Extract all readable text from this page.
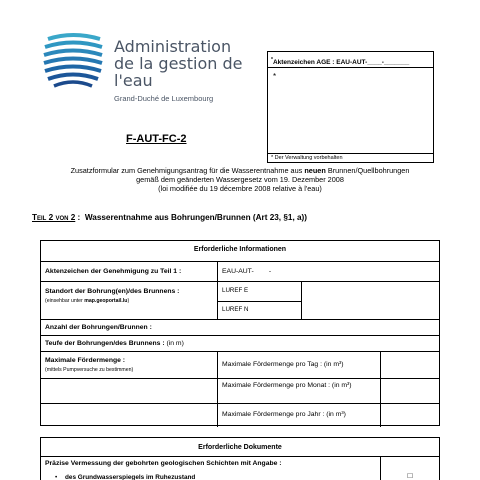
Administration
de la gestion de l'eau
Grand-Duché de Luxembourg
*Aktenzeichen AGE : EAU-AUT-____-_______
*
* Der Verwaltung vorbehalten
F-AUT-FC-2
Zusatzformular zum Genehmigungsantrag für die Wasserentnahme aus neuen Brunnen/Quellbohrungen
gemäß dem geänderten Wassergesetz vom 19. Dezember 2008
(loi modifiée du 19 décembre 2008 relative à l'eau)
Teil 2 von 2 :  Wasserentnahme aus Bohrungen/Brunnen (Art 23, §1, a))
Erforderliche Informationen
Aktenzeichen der Genehmigung zu Teil 1 :	EAU-AUT-        -
Standort der Bohrung(en)/des Brunnens :
(einsehbar unter map.geoportail.lu)
LUREF E
LUREF N
Anzahl der Bohrungen/Brunnen :
Teufe der Bohrungen/des Brunnens : (in m)
Maximale Fördermenge :
(mittels Pumpversuche zu bestimmen)
Maximale Fördermenge pro Tag : (in m³)
Maximale Fördermenge pro Monat : (in m³)
Maximale Fördermenge pro Jahr : (in m³)
Erforderliche Dokumente
Präzise Vermessung der gebohrten geologischen Schichten mit Angabe :
• des Grundwasserspiegels im Ruhezustand	□
